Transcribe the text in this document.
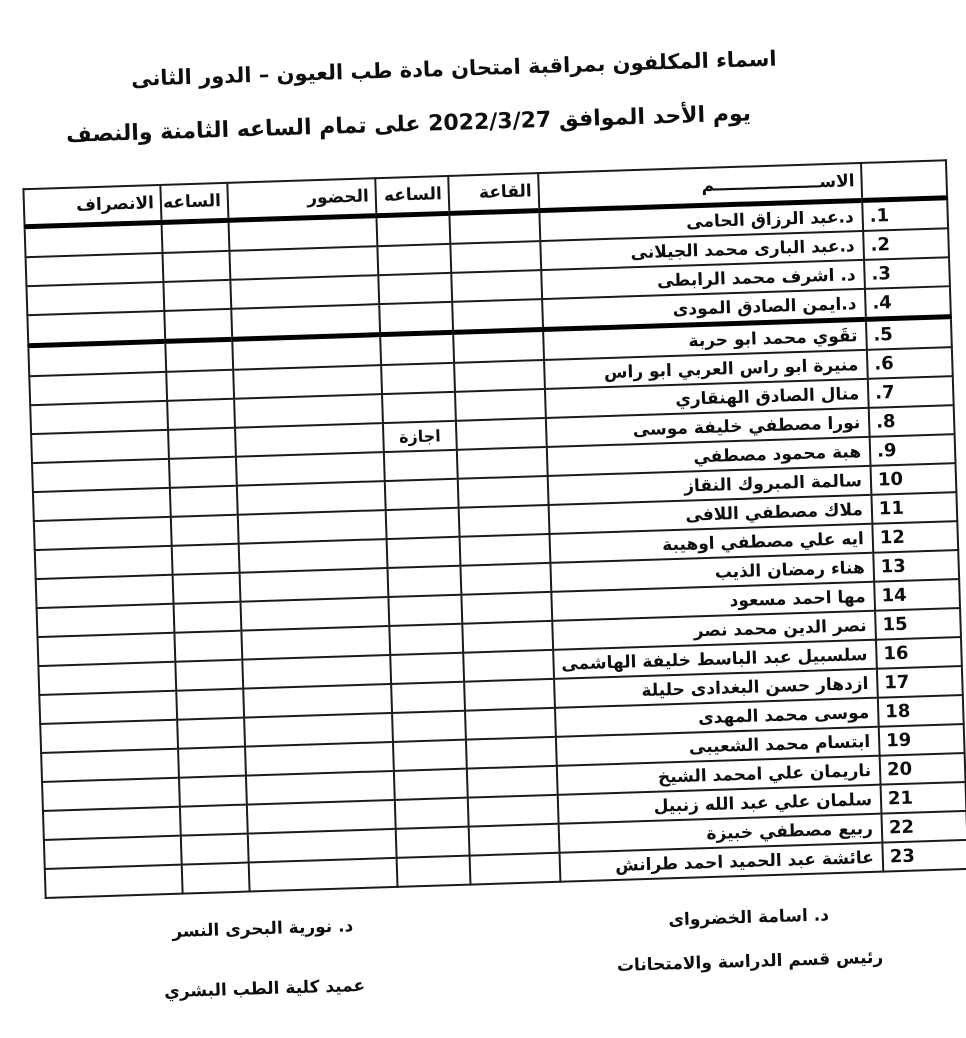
اسماء المكلفون بمراقبة امتحان مادة طب العيون – الدور الثانى
يوم الأحد الموافق 2022/3/27 على تمام الساعه الثامنة والنصف
	الاســــــــــــــــــم	القاعة	الساعه	الحضور	الساعه	الانصراف
1.	د.عبد الرزاق الحامى					
2.	د.عبد البارى محمد الجيلانى					
3.	د. اشرف محمد الرابطى					
4.	د.ايمن الصادق المودى					
5.	تقَوي محمد ابو حربة					
6.	منيرة ابو راس العربي ابو راس					
7.	منال الصادق الهنقاري					
8.	نورا مصطفي خليفة موسى		اجازة			
9.	هبة محمود مصطفي					
10	سالمة المبروك النقاز					
11	ملاك مصطفي اللافى					
12	ايه علي مصطفي اوهيبة					
13	هناء رمضان الذيب					
14	مها احمد مسعود					
15	نصر الدين محمد نصر					
16	سلسبيل عبد الباسط خليفة الهاشمى					
17	ازدهار حسن البغدادى حليلة					
18	موسى محمد المهدى					
19	ابتسام محمد الشعيبى					
20	ناريمان علي امحمد الشيخ					
21	سلمان علي عبد الله زنبيل					
22	ربيع مصطفي خبيزة					
23	عائشة عبد الحميد احمد طرانش					
د. اسامة الخضرواى
رئيس قسم الدراسة والامتحانات
د. نورية البحرى النسر
عميد كلية الطب البشري
